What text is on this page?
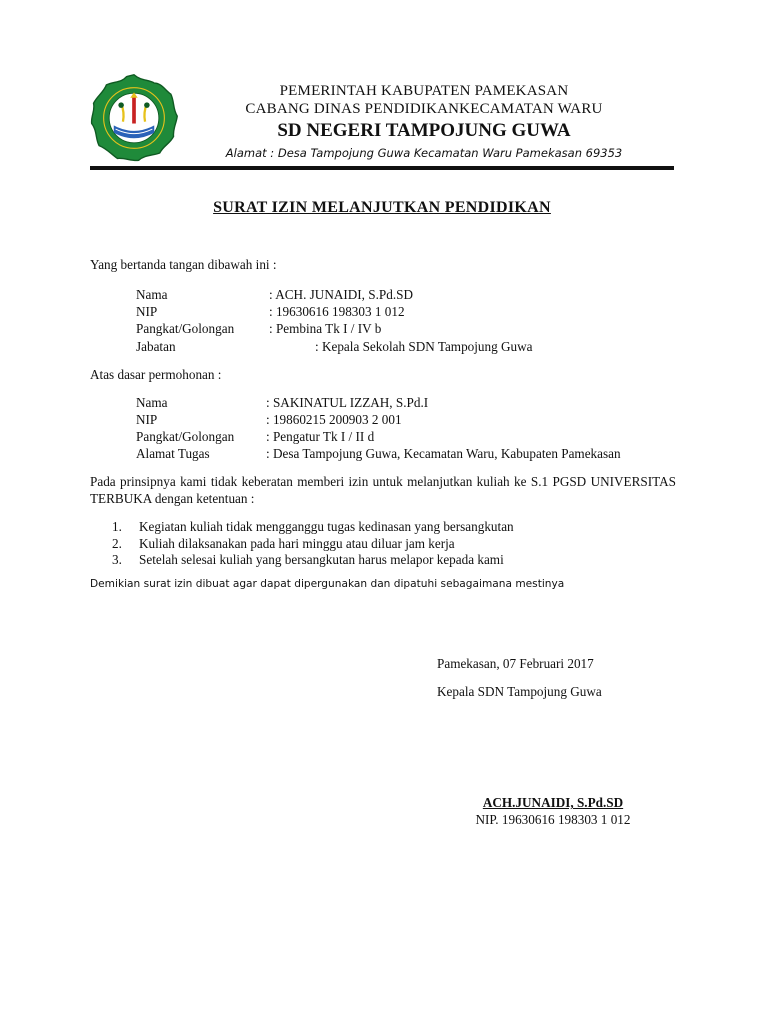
PEMERINTAH KABUPATEN PAMEKASAN
CABANG DINAS PENDIDIKANKECAMATAN WARU
SD NEGERI TAMPOJUNG GUWA
Alamat : Desa Tampojung Guwa Kecamatan Waru Pamekasan 69353
SURAT IZIN MELANJUTKAN PENDIDIKAN
Yang bertanda tangan dibawah ini :
Nama	: ACH. JUNAIDI, S.Pd.SD
NIP	: 19630616 198303 1 012
Pangkat/Golongan	: Pembina Tk I / IV b
Jabatan	: Kepala Sekolah SDN Tampojung Guwa
Atas dasar permohonan :
Nama	: SAKINATUL IZZAH, S.Pd.I
NIP	: 19860215 200903 2 001
Pangkat/Golongan : Pengatur Tk I / II d
Alamat Tugas	: Desa Tampojung Guwa, Kecamatan Waru, Kabupaten Pamekasan
Pada prinsipnya kami tidak keberatan memberi izin untuk melanjutkan kuliah ke S.1 PGSD UNIVERSITAS TERBUKA dengan ketentuan :
1. Kegiatan kuliah tidak mengganggu tugas kedinasan yang bersangkutan
2. Kuliah dilaksanakan pada hari minggu atau diluar jam kerja
3. Setelah selesai kuliah yang bersangkutan harus melapor kepada kami
Demikian surat izin dibuat agar dapat dipergunakan dan dipatuhi sebagaimana mestinya
Pamekasan, 07 Februari 2017
Kepala SDN Tampojung Guwa
ACH.JUNAIDI, S.Pd.SD
NIP. 19630616 198303 1 012
